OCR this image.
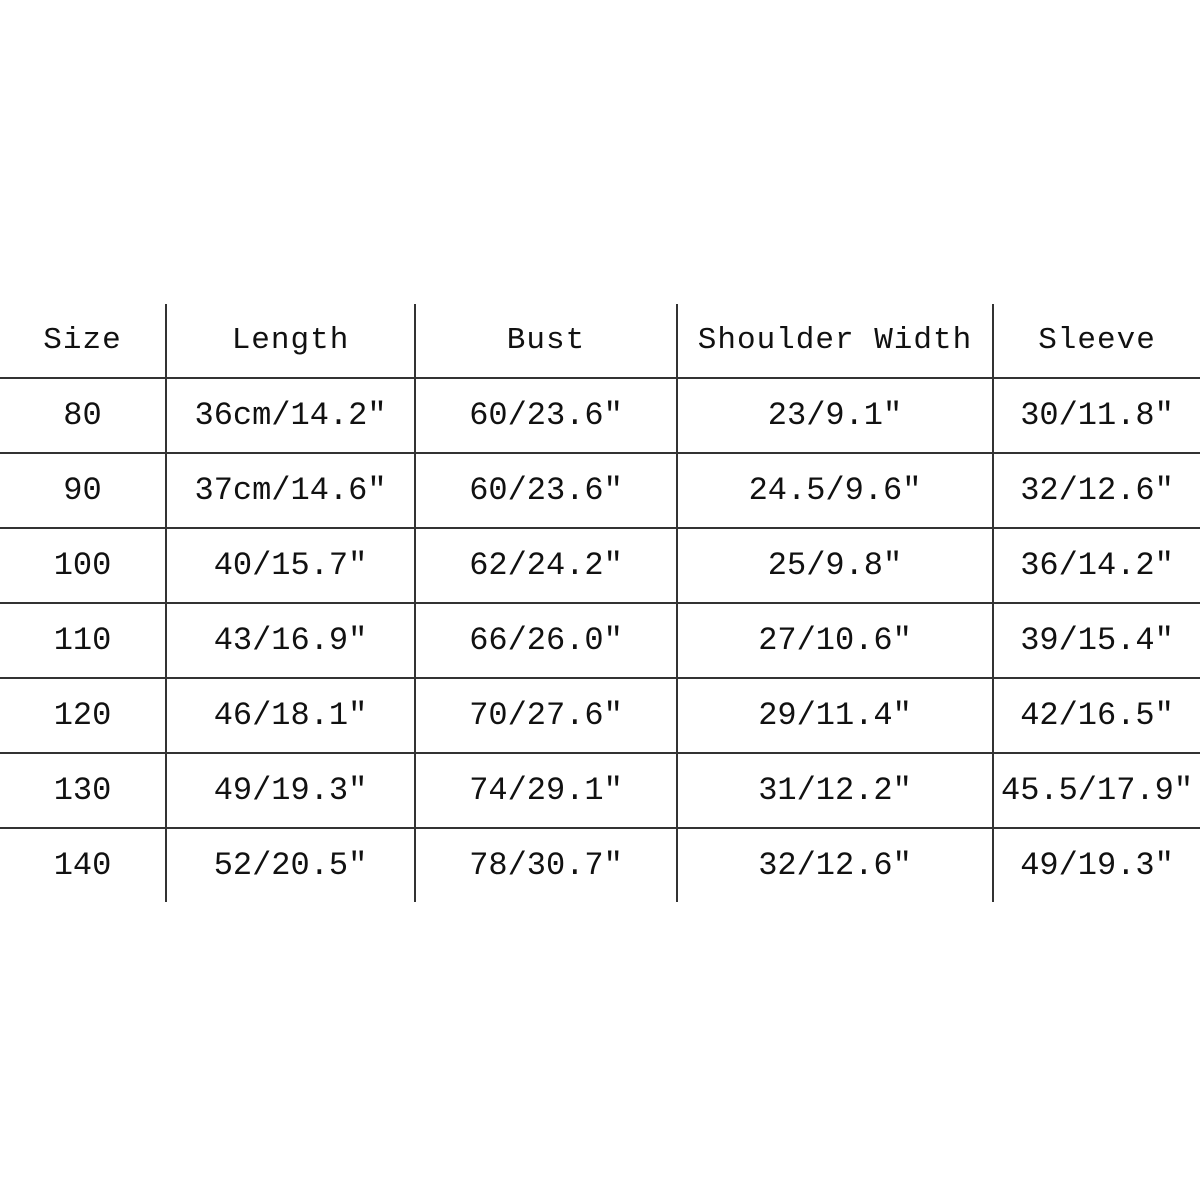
Size	Length	Bust	Shoulder Width	Sleeve
80	36cm/14.2″	60/23.6″	23/9.1″	30/11.8″
90	37cm/14.6″	60/23.6″	24.5/9.6″	32/12.6″
100	40/15.7″	62/24.2″	25/9.8″	36/14.2″
110	43/16.9″	66/26.0″	27/10.6″	39/15.4″
120	46/18.1″	70/27.6″	29/11.4″	42/16.5″
130	49/19.3″	74/29.1″	31/12.2″	45.5/17.9″
140	52/20.5″	78/30.7″	32/12.6″	49/19.3″
